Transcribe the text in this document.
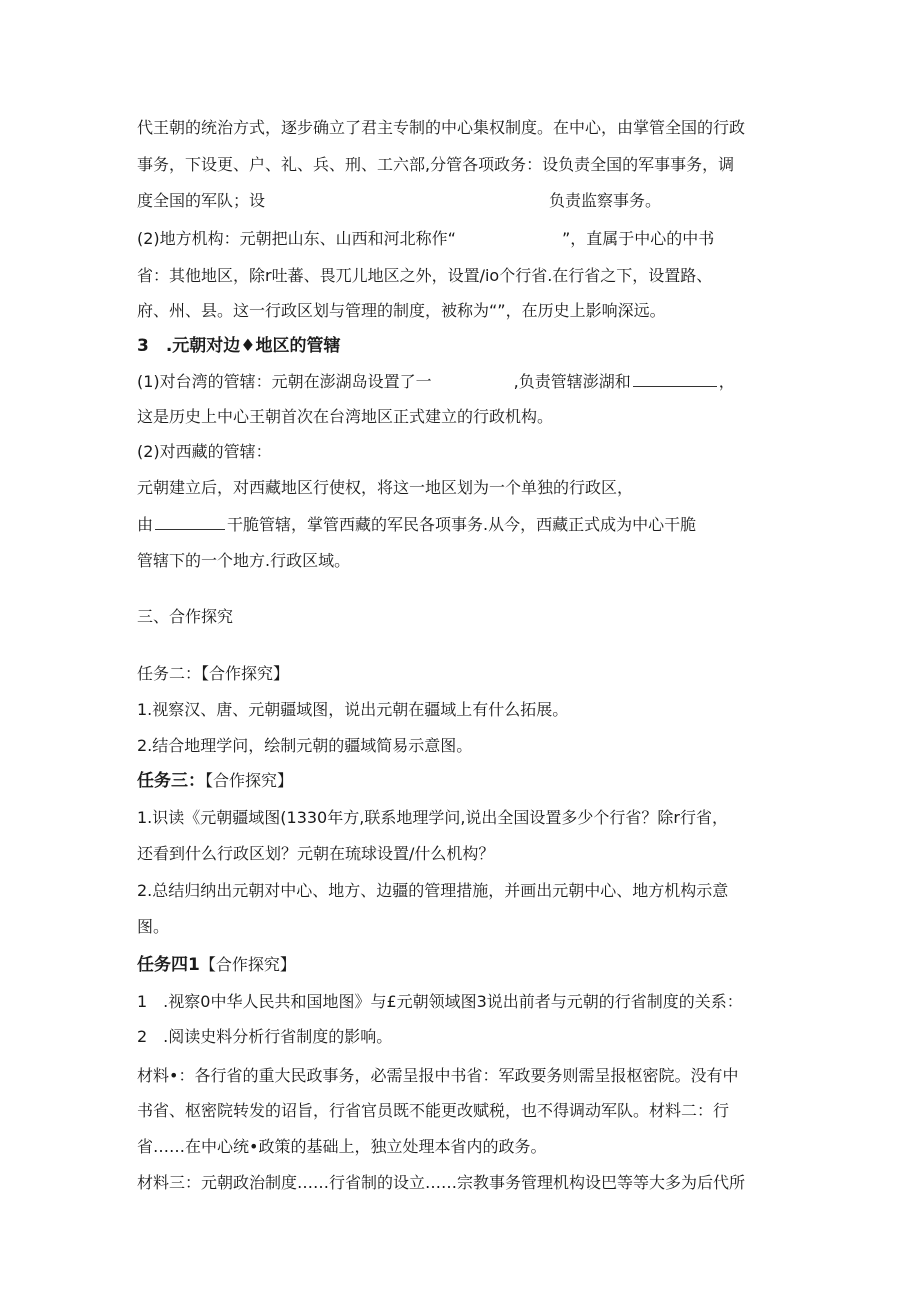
代王朝的统治方式，逐步确立了君主专制的中心集权制度。在中心，由掌管全国的行政
事务，下设更、户、礼、兵、刑、工六部,分管各项政务：设负责全国的军事事务，调
度全国的军队；设	负责监察事务。
(2)地方机构：元朝把山东、山西和河北称作“	”，直属于中心的中书
省：其他地区，除r吐蕃、畏兀儿地区之外，设置/io个行省.在行省之下，设置路、
府、州、县。这一行政区划与管理的制度，被称为“”，在历史上影响深远。
3　.元朝对边♦地区的管辖
(1)对台湾的管辖：元朝在澎湖岛设置了一	,负责管辖澎湖和	，
这是历史上中心王朝首次在台湾地区正式建立的行政机构。
(2)对西藏的管辖：
元朝建立后，对西藏地区行使权，将这一地区划为一个单独的行政区，
由	干脆管辖，掌管西藏的军民各项事务.从今，西藏正式成为中心干脆
管辖下的一个地方.行政区域。
三、合作探究
任务二：【合作探究】
1.视察汉、唐、元朝疆域图，说出元朝在疆域上有什么拓展。
2.结合地理学问，绘制元朝的疆域简易示意图。
任务三：【合作探究】
1.识读《元朝疆域图(1330年方,联系地理学问,说出全国设置多少个行省？除r行省，
还看到什么行政区划？元朝在琉球设置/什么机构？
2.总结归纳出元朝对中心、地方、边疆的管理措施，并画出元朝中心、地方机构示意
图。
任务四1【合作探究】
1　.视察0中华人民共和国地图》与£元朝领域图3说出前者与元朝的行省制度的关系：
2　.阅读史料分析行省制度的影响。
材料•：各行省的重大民政事务，必需呈报中书省：军政要务则需呈报枢密院。没有中
书省、枢密院转发的诏旨，行省官员既不能更改赋税，也不得调动军队。材料二：行
省……在中心统•政策的基础上，独立处理本省内的政务。
材料三：元朝政治制度……行省制的设立……宗教事务管理机构设巴等等大多为后代所
